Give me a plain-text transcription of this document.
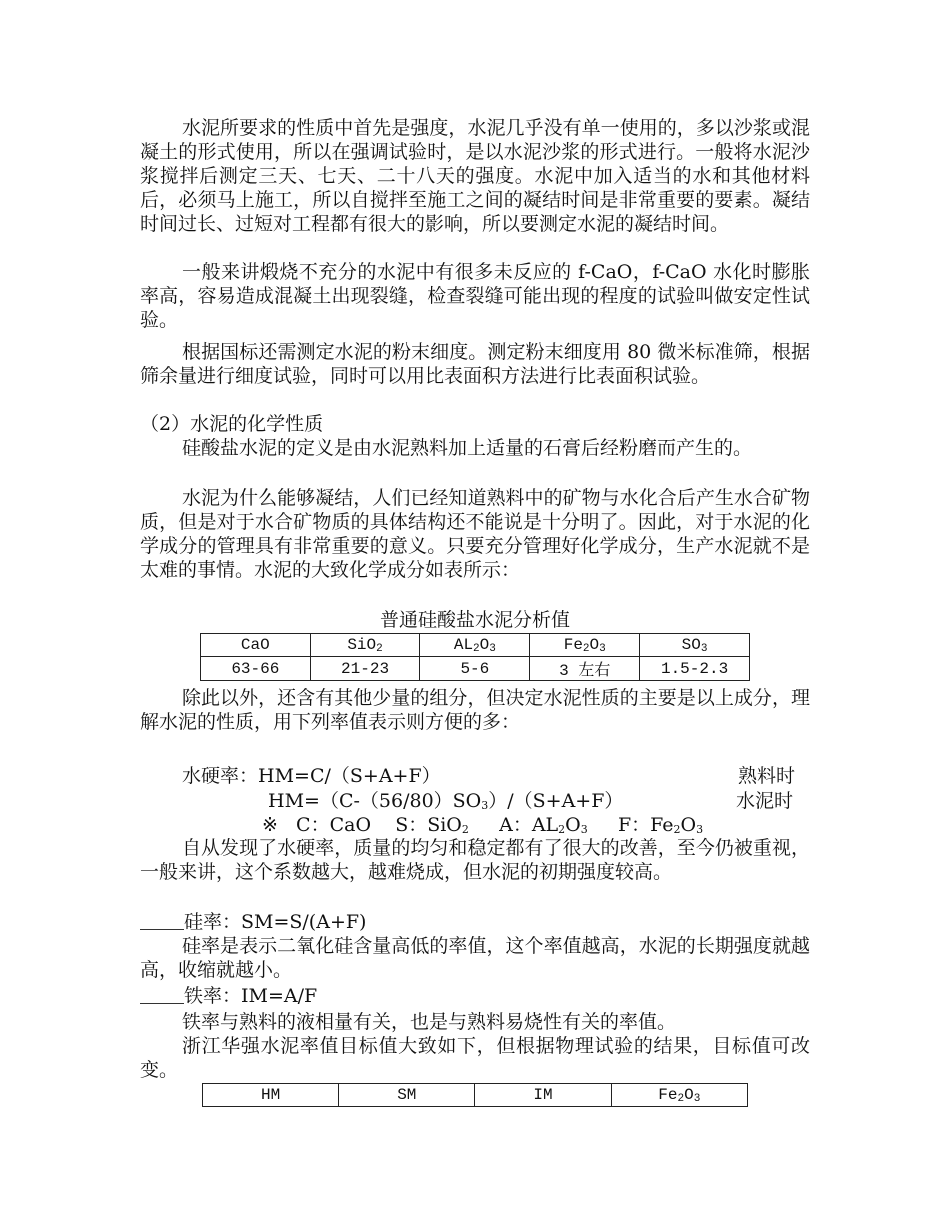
水泥所要求的性质中首先是强度，水泥几乎没有单一使用的，多以沙浆或混凝土的形式使用，所以在强调试验时，是以水泥沙浆的形式进行。一般将水泥沙浆搅拌后测定三天、七天、二十八天的强度。水泥中加入适当的水和其他材料后，必须马上施工，所以自搅拌至施工之间的凝结时间是非常重要的要素。凝结时间过长、过短对工程都有很大的影响，所以要测定水泥的凝结时间。
一般来讲煅烧不充分的水泥中有很多未反应的 f-CaO，f-CaO 水化时膨胀率高，容易造成混凝土出现裂缝，检查裂缝可能出现的程度的试验叫做安定性试验。
根据国标还需测定水泥的粉末细度。测定粉末细度用 80 微米标准筛，根据筛余量进行细度试验，同时可以用比表面积方法进行比表面积试验。
（2）水泥的化学性质
硅酸盐水泥的定义是由水泥熟料加上适量的石膏后经粉磨而产生的。
水泥为什么能够凝结，人们已经知道熟料中的矿物与水化合后产生水合矿物质，但是对于水合矿物质的具体结构还不能说是十分明了。因此，对于水泥的化学成分的管理具有非常重要的意义。只要充分管理好化学成分，生产水泥就不是太难的事情。水泥的大致化学成分如表所示：
普通硅酸盐水泥分析值
CaO	SiO$_2$	$AL_2O_3$	$Fe_2O_3$	$SO_3$
63-66	21-23	5-6	3 左右	1.5-2.3
除此以外，还含有其他少量的组分，但决定水泥性质的主要是以上成分，理解水泥的性质，用下列率值表示则方便的多：
水硬率：HM=C/（S+A+F）	熟料时
$HM=(C-(56/80)SO_3)/(S+A+F)$	水泥时
※ C：CaO S：SiO$_2$ A：$AL_2O_3$ F：$Fe_2O_3$
自从发现了水硬率，质量的均匀和稳定都有了很大的改善，至今仍被重视，一般来讲，这个系数越大，越难烧成，但水泥的初期强度较高。
硅率：SM=S/(A+F)
硅率是表示二氧化硅含量高低的率值，这个率值越高，水泥的长期强度就越高，收缩就越小。
铁率：IM=A/F
铁率与熟料的液相量有关，也是与熟料易烧性有关的率值。
浙江华强水泥率值目标值大致如下，但根据物理试验的结果，目标值可改变。
HM	SM	IM	$Fe_2O_3$
